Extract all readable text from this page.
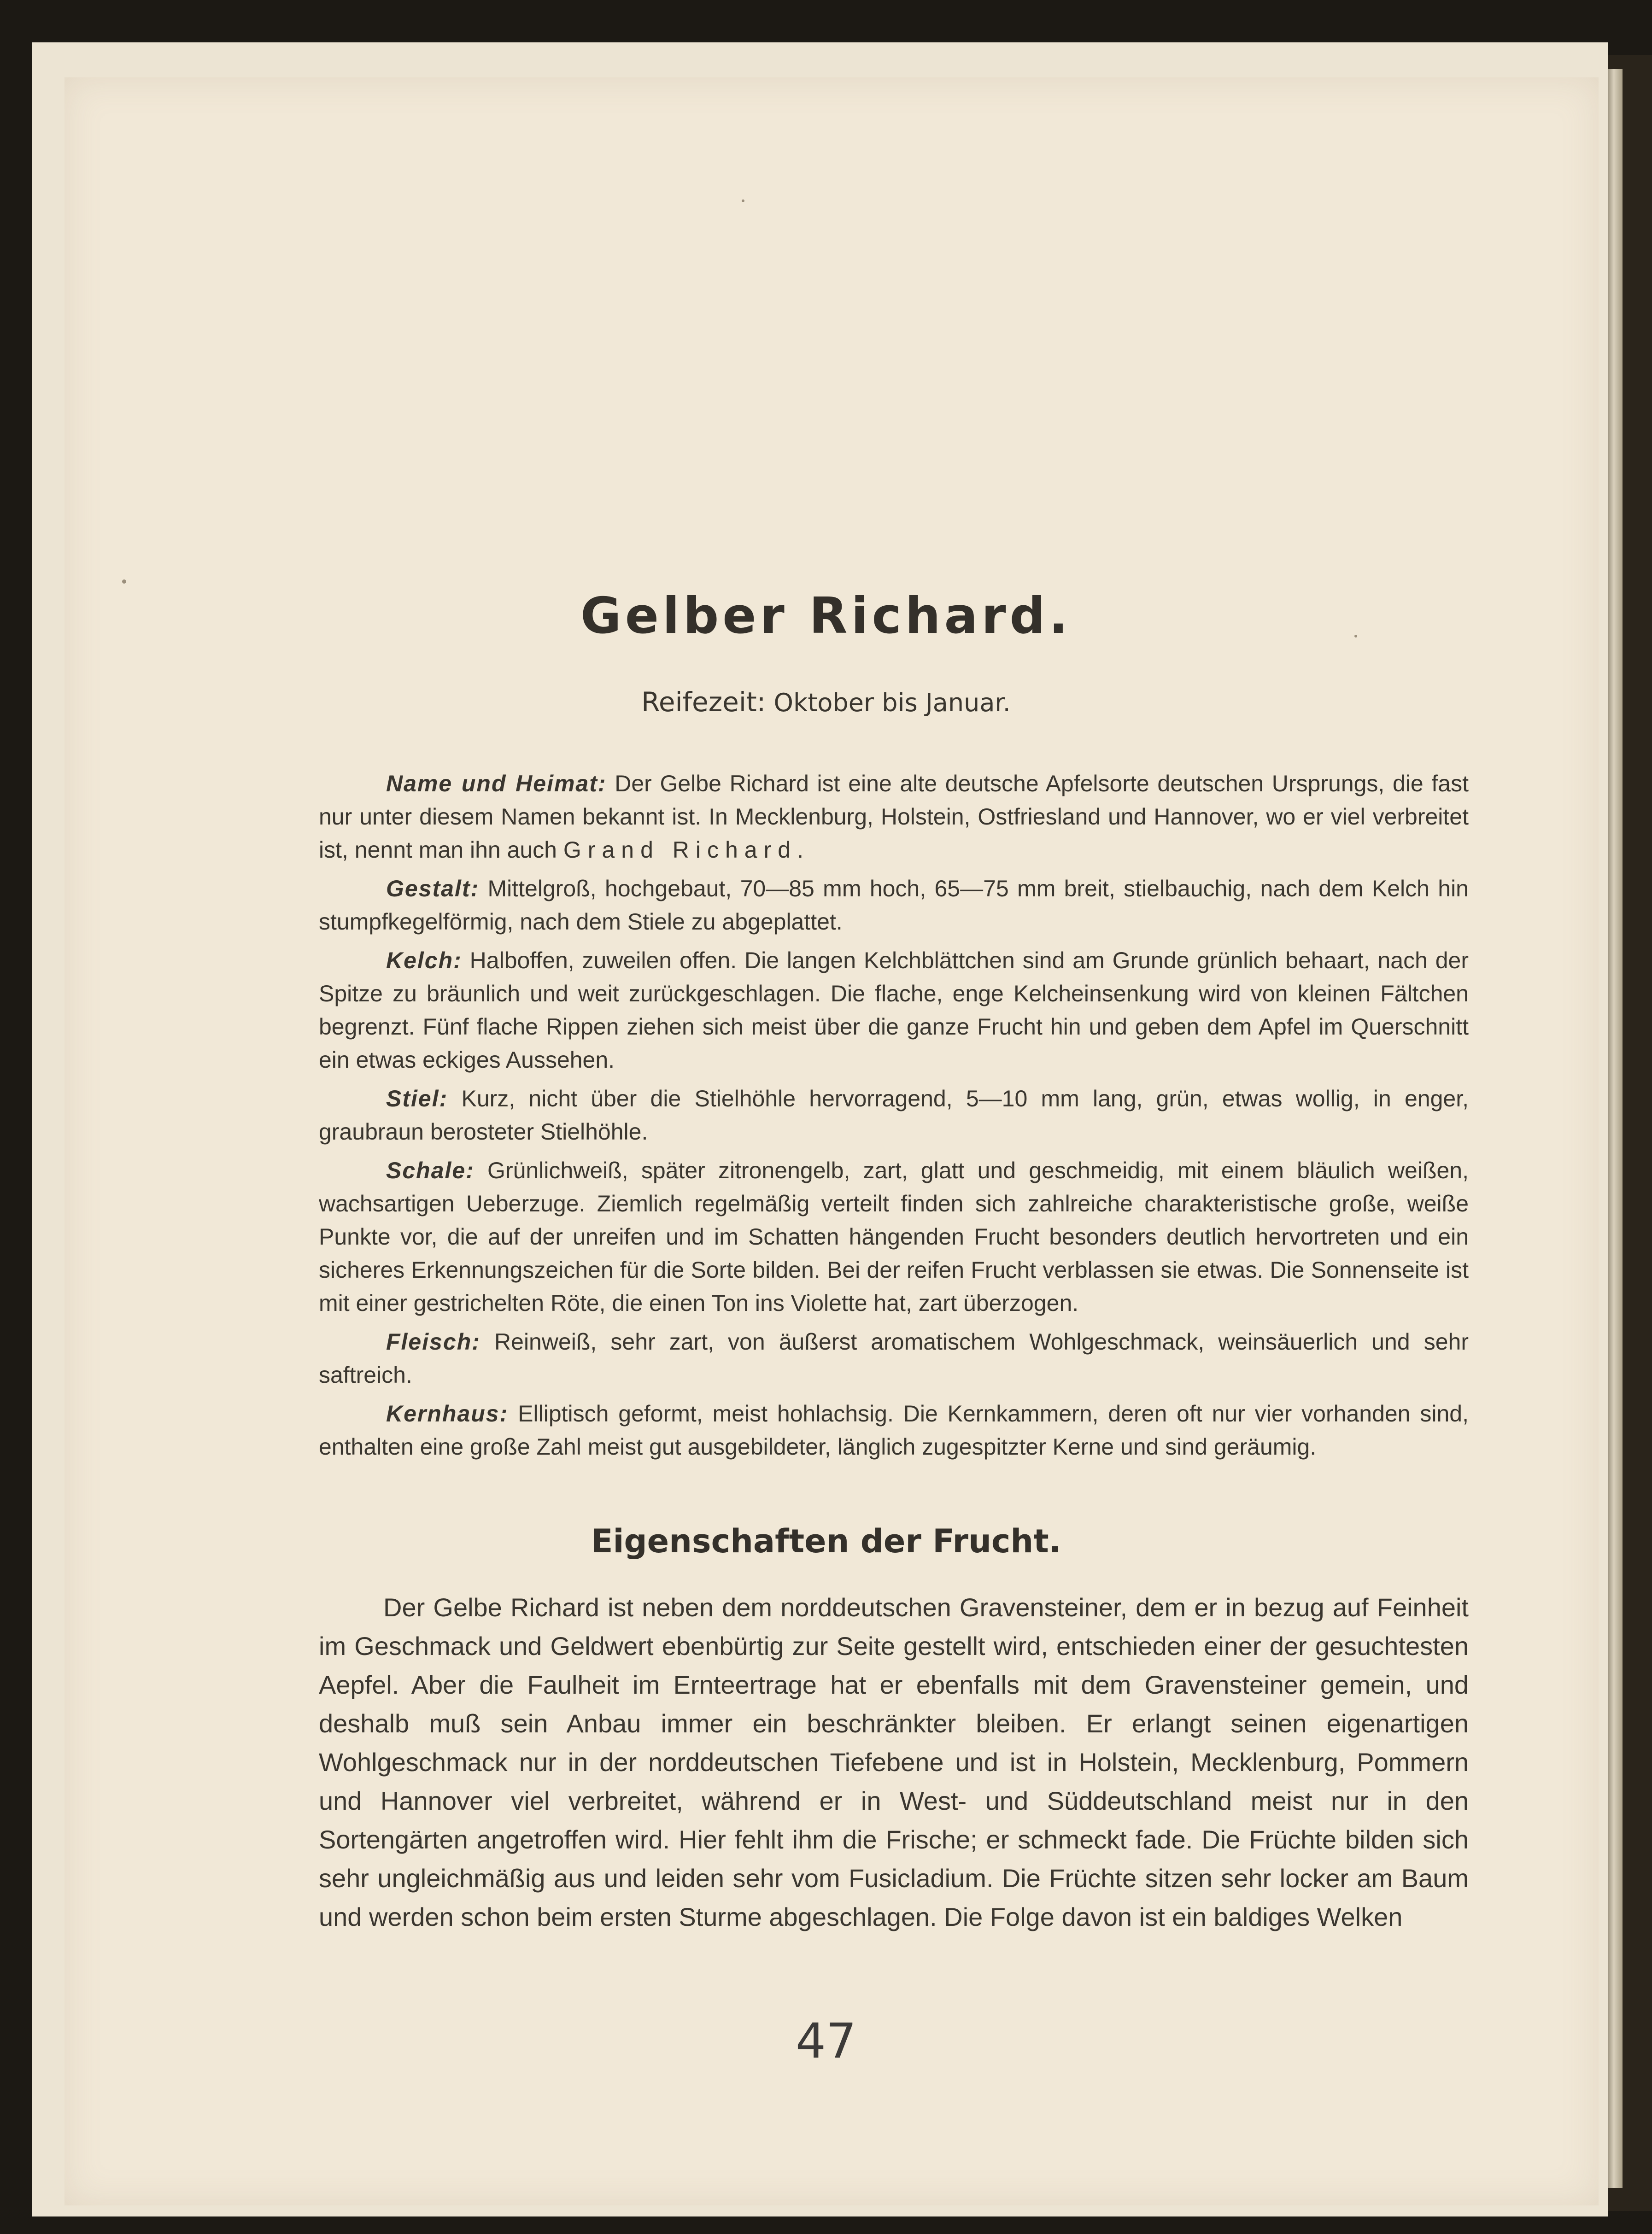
Gelber Richard.

Reifezeit: Oktober bis Januar.

Name und Heimat: Der Gelbe Richard ist eine alte deutsche Apfelsorte deutschen Ursprungs, die fast nur unter diesem Namen bekannt ist. In Mecklenburg, Holstein, Ostfriesland und Hannover, wo er viel verbreitet ist, nennt man ihn auch Grand Richard.

Gestalt: Mittelgroß, hochgebaut, 70—85 mm hoch, 65—75 mm breit, stielbauchig, nach dem Kelch hin stumpfkegelförmig, nach dem Stiele zu abgeplattet.

Kelch: Halboffen, zuweilen offen. Die langen Kelchblättchen sind am Grunde grünlich behaart, nach der Spitze zu bräunlich und weit zurückgeschlagen. Die flache, enge Kelcheinsenkung wird von kleinen Fältchen begrenzt. Fünf flache Rippen ziehen sich meist über die ganze Frucht hin und geben dem Apfel im Querschnitt ein etwas eckiges Aussehen.

Stiel: Kurz, nicht über die Stielhöhle hervorragend, 5—10 mm lang, grün, etwas wollig, in enger, graubraun berosteter Stielhöhle.

Schale: Grünlichweiß, später zitronengelb, zart, glatt und geschmeidig, mit einem bläulich weißen, wachsartigen Ueberzuge. Ziemlich regelmäßig verteilt finden sich zahlreiche charakteristische große, weiße Punkte vor, die auf der unreifen und im Schatten hängenden Frucht besonders deutlich hervortreten und ein sicheres Erkennungszeichen für die Sorte bilden. Bei der reifen Frucht verblassen sie etwas. Die Sonnenseite ist mit einer gestrichelten Röte, die einen Ton ins Violette hat, zart überzogen.

Fleisch: Reinweiß, sehr zart, von äußerst aromatischem Wohlgeschmack, weinsäuerlich und sehr saftreich.

Kernhaus: Elliptisch geformt, meist hohlachsig. Die Kernkammern, deren oft nur vier vorhanden sind, enthalten eine große Zahl meist gut ausgebildeter, länglich zugespitzter Kerne und sind geräumig.

Eigenschaften der Frucht.

Der Gelbe Richard ist neben dem norddeutschen Gravensteiner, dem er in bezug auf Feinheit im Geschmack und Geldwert ebenbürtig zur Seite gestellt wird, entschieden einer der gesuchtesten Aepfel. Aber die Faulheit im Ernteertrage hat er ebenfalls mit dem Gravensteiner gemein, und deshalb muß sein Anbau immer ein beschränkter bleiben. Er erlangt seinen eigenartigen Wohlgeschmack nur in der norddeutschen Tiefebene und ist in Holstein, Mecklenburg, Pommern und Hannover viel verbreitet, während er in West- und Süddeutschland meist nur in den Sortengärten angetroffen wird. Hier fehlt ihm die Frische; er schmeckt fade. Die Früchte bilden sich sehr ungleichmäßig aus und leiden sehr vom Fusicladium. Die Früchte sitzen sehr locker am Baum und werden schon beim ersten Sturme abgeschlagen. Die Folge davon ist ein baldiges Welken

47
